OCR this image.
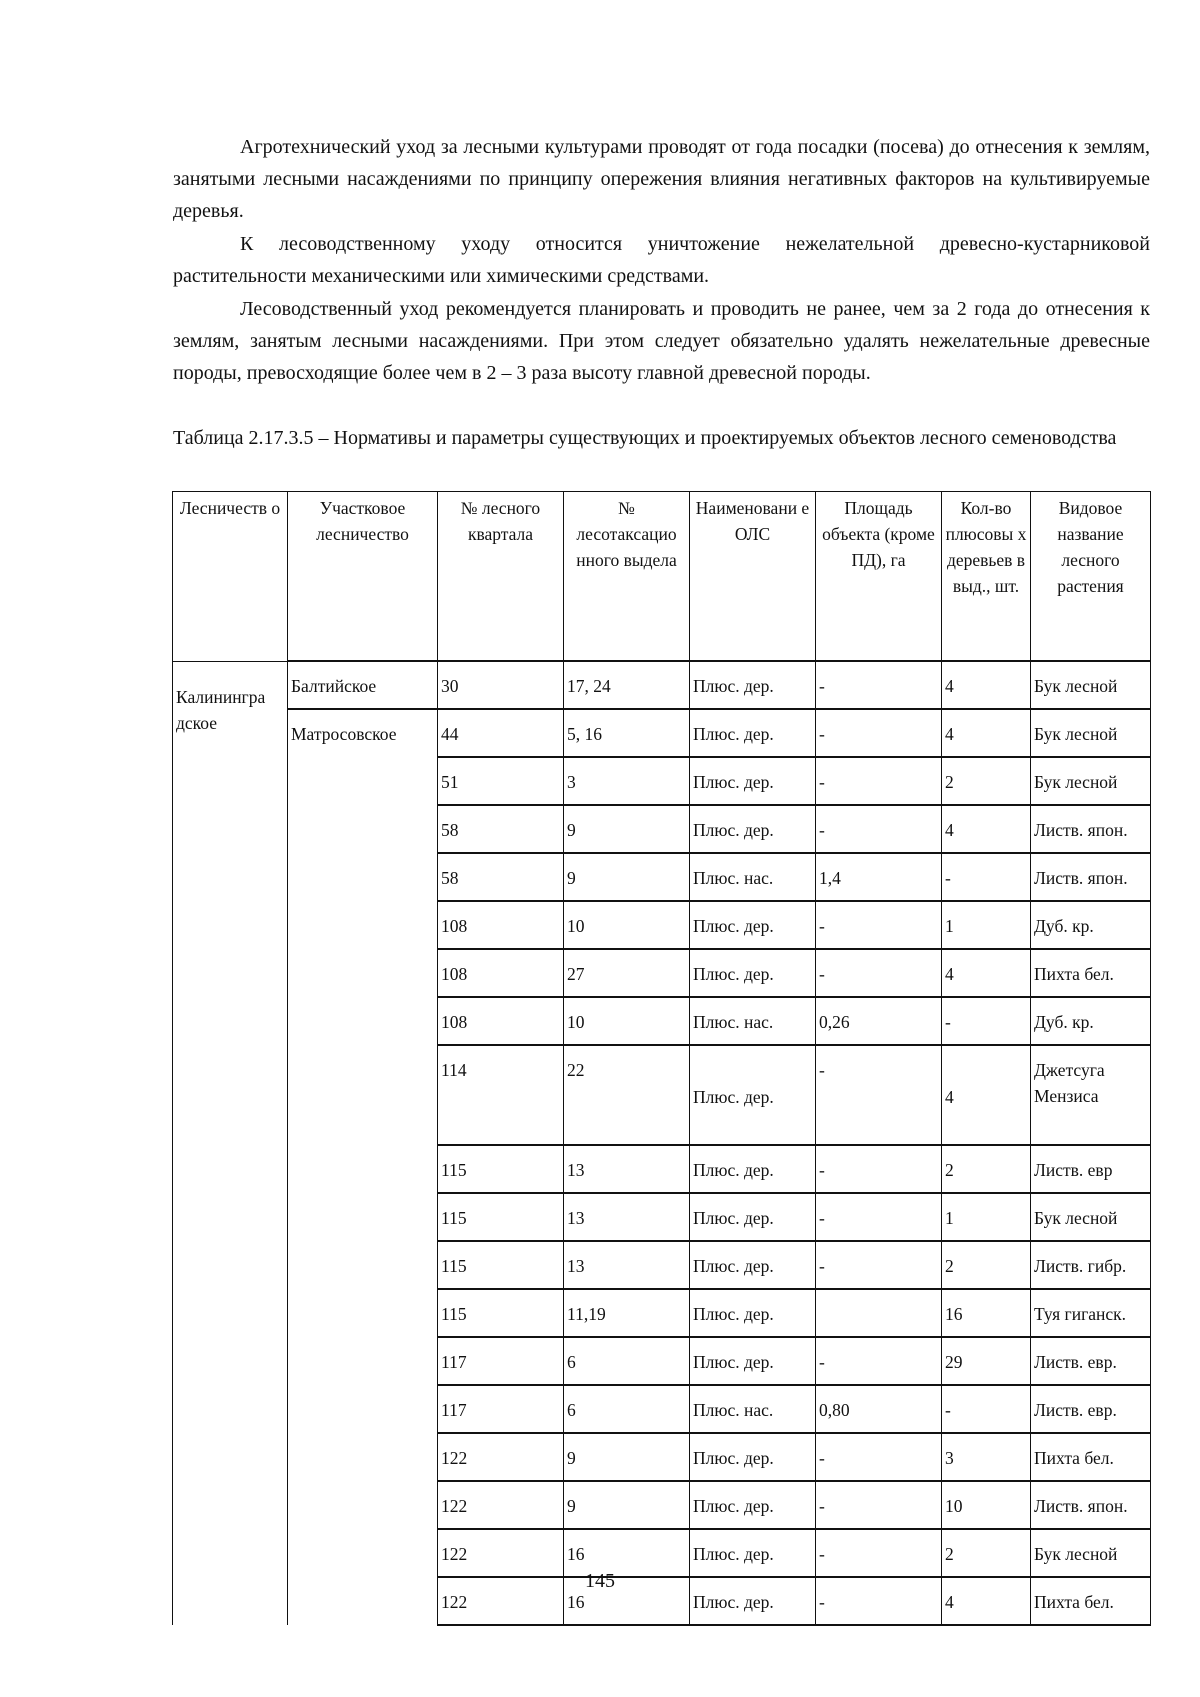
Агротехнический уход за лесными культурами проводят от года посадки (посева) до отнесения к землям, занятыми лесными насаждениями по принципу опережения влияния негативных факторов на культивируемые деревья.

К лесоводственному уходу относится уничтожение нежелательной древесно-кустарниковой растительности механическими или химическими средствами.

Лесоводственный уход рекомендуется планировать и проводить не ранее, чем за 2 года до отнесения к землям, занятым лесными насаждениями. При этом следует обязательно удалять нежелательные древесные породы, превосходящие более чем в 2 – 3 раза высоту главной древесной породы.

Таблица 2.17.3.5 – Нормативы и параметры существующих и проектируемых объектов лесного семеноводства

Лесничеств о	Участковое лесничество	№ лесного квартала	№ лесотаксацио нного выдела	Наименовани е ОЛС	Площадь объекта (кроме ПД), га	Кол-во плюсовы х деревьев в выд., шт.	Видовое название лесного растения

Калинингра
дское	Балтийское	30	17, 24	Плюс. дер.	-	4	Бук лесной
	Матросовское	44	5, 16	Плюс. дер.	-	4	Бук лесной
		51	3	Плюс. дер.	-	2	Бук лесной
		58	9	Плюс. дер.	-	4	Листв. япон.
		58	9	Плюс. нас.	1,4	-	Листв. япон.
		108	10	Плюс. дер.	-	1	Дуб. кр.
		108	27	Плюс. дер.	-	4	Пихта бел.
		108	10	Плюс. нас.	0,26	-	Дуб. кр.
		114	22	Плюс. дер.	-	4	Джетсуга Мензиса
		115	13	Плюс. дер.	-	2	Листв. евр
		115	13	Плюс. дер.	-	1	Бук лесной
		115	13	Плюс. дер.	-	2	Листв. гибр.
		115	11,19	Плюс. дер.		16	Туя гиганск.
		117	6	Плюс. дер.	-	29	Листв. евр.
		117	6	Плюс. нас.	0,80	-	Листв. евр.
		122	9	Плюс. дер.	-	3	Пихта бел.
		122	9	Плюс. дер.	-	10	Листв. япон.
		122	16	Плюс. дер.	-	2	Бук лесной
		122	16	Плюс. дер.	-	4	Пихта бел.
145
